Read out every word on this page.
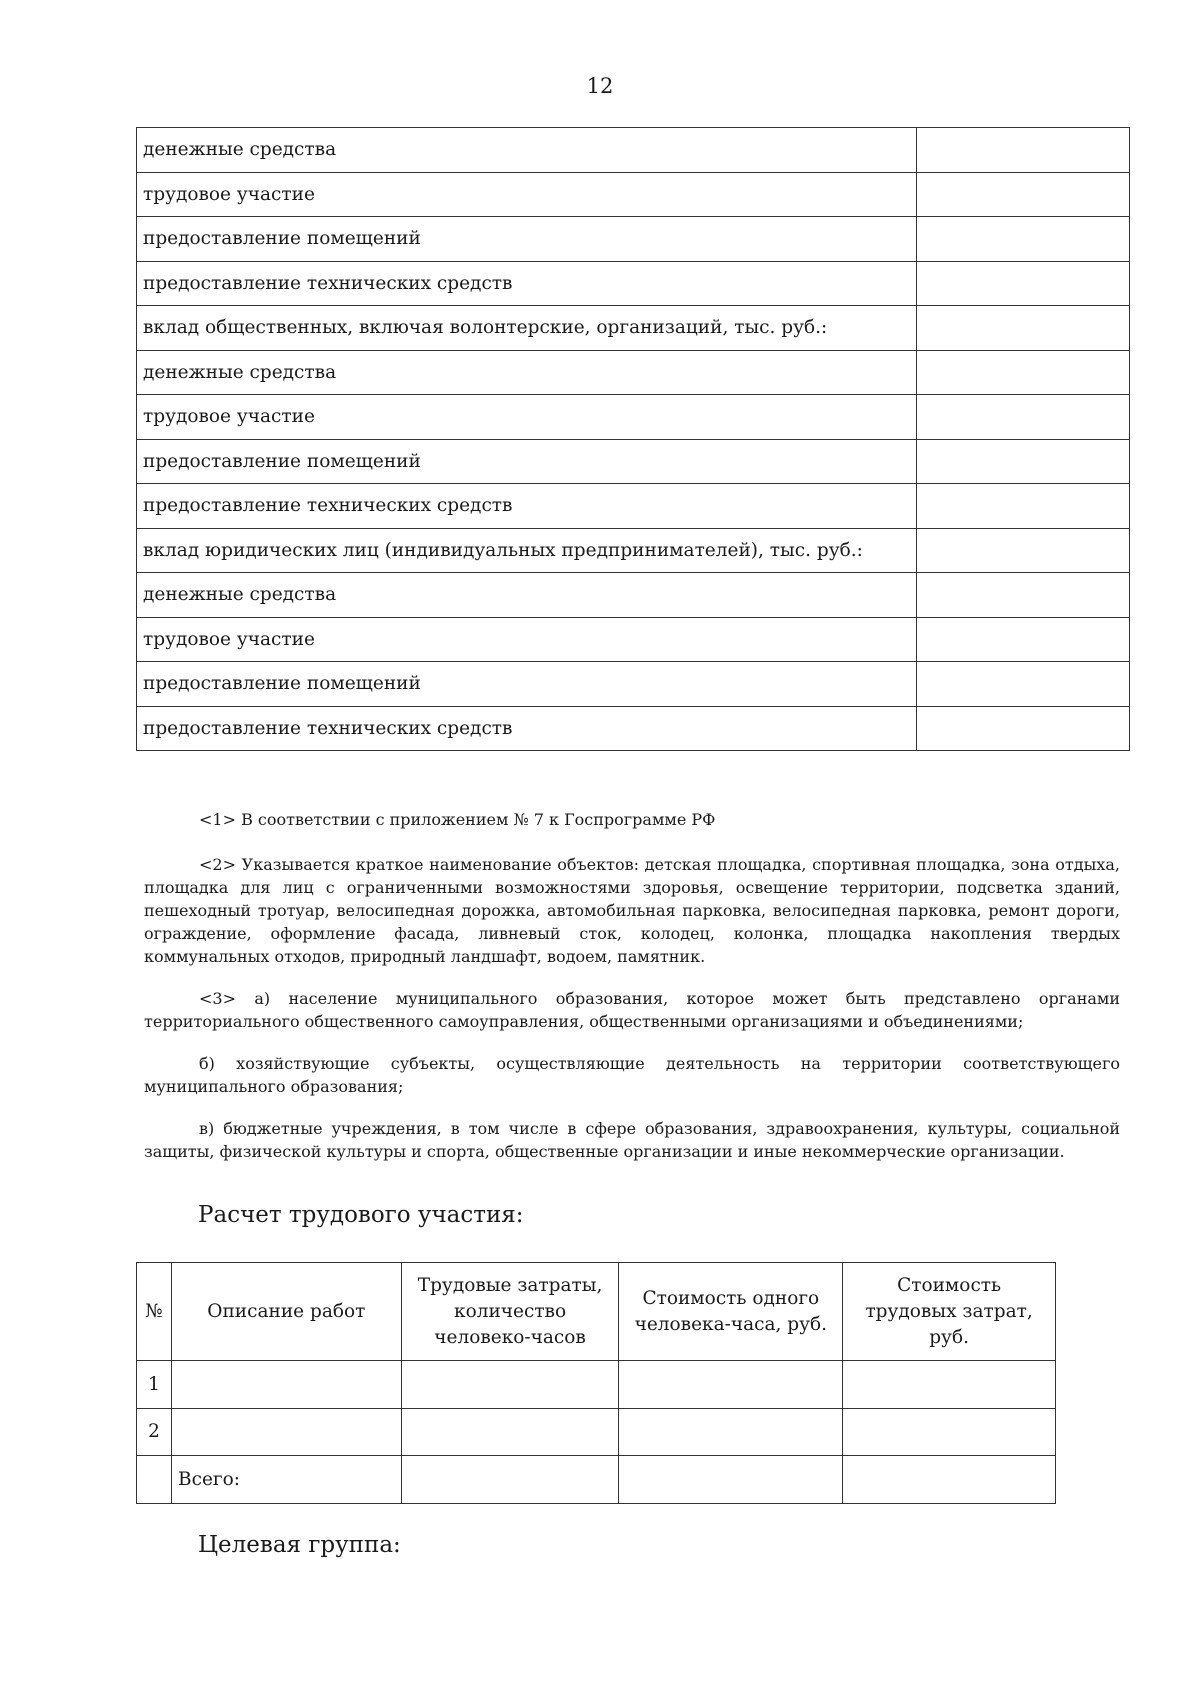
12
денежные средства	
трудовое участие	
предоставление помещений	
предоставление технических средств	
вклад общественных, включая волонтерские, организаций, тыс. руб.:	
денежные средства	
трудовое участие	
предоставление помещений	
предоставление технических средств	
вклад юридических лиц (индивидуальных предпринимателей), тыс. руб.:	
денежные средства	
трудовое участие	
предоставление помещений	
предоставление технических средств	

<1> В соответствии с приложением № 7 к Госпрограмме РФ

<2> Указывается краткое наименование объектов: детская площадка, спортивная площадка, зона отдыха, площадка для лиц с ограниченными возможностями здоровья, освещение территории, подсветка зданий, пешеходный тротуар, велосипедная дорожка, автомобильная парковка, велосипедная парковка, ремонт дороги, ограждение, оформление фасада, ливневый сток, колодец, колонка, площадка накопления твердых коммунальных отходов, природный ландшафт, водоем, памятник.

<3> а) население муниципального образования, которое может быть представлено органами территориального общественного самоуправления, общественными организациями и объединениями;

б) хозяйствующие субъекты, осуществляющие деятельность на территории соответствующего муниципального образования;

в) бюджетные учреждения, в том числе в сфере образования, здравоохранения, культуры, социальной защиты, физической культуры и спорта, общественные организации и иные некоммерческие организации.

Расчет трудового участия:
№	Описание работ	Трудовые затраты, количество человеко-часов	Стоимость одного человека-часа, руб.	Стоимость трудовых затрат, руб.
1				
2				
	Всего:			
Целевая группа:
